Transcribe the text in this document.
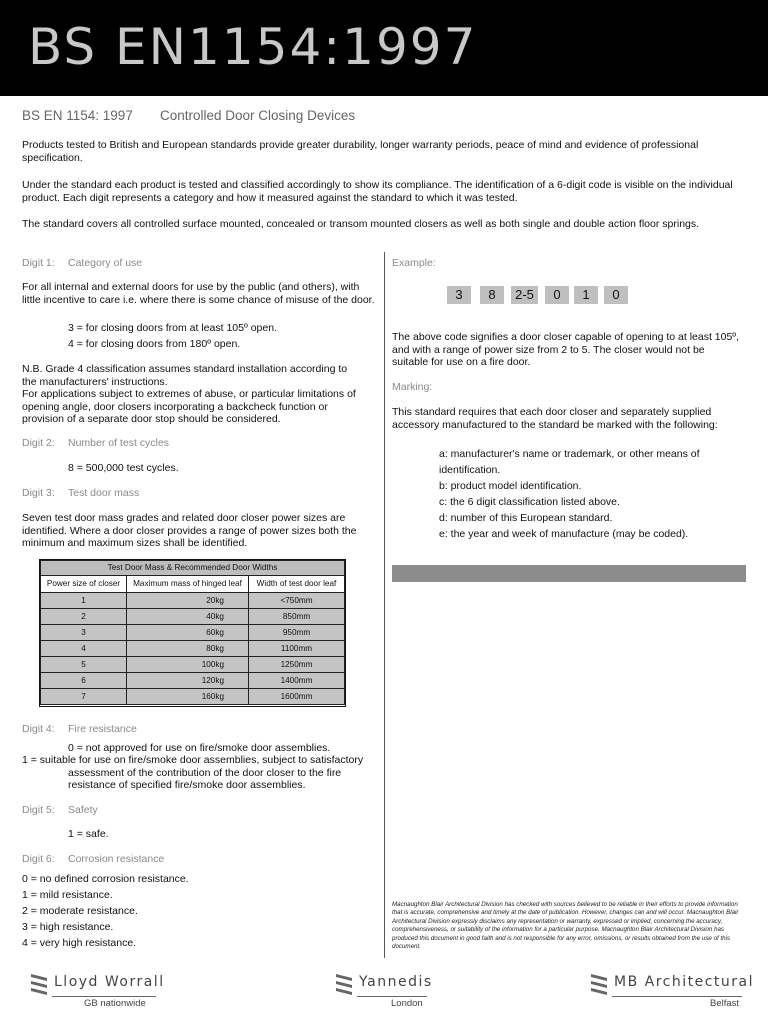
BS EN1154:1997
BS EN 1154: 1997 Controlled Door Closing Devices

Products tested to British and European standards provide greater durability, longer warranty periods, peace of mind and evidence of professional specification.

Under the standard each product is tested and classified accordingly to show its compliance. The identification of a 6-digit code is visible on the individual product. Each digit represents a category and how it measured against the standard to which it was tested.

The standard covers all controlled surface mounted, concealed or transom mounted closers as well as both single and double action floor springs.

Digit 1: Category of use

For all internal and external doors for use by the public (and others), with little incentive to care i.e. where there is some chance of misuse of the door.

3 = for closing doors from at least 105º open.

4 = for closing doors from 180º open.

N.B. Grade 4 classification assumes standard installation according to the manufacturers' instructions.

For applications subject to extremes of abuse, or particular limitations of opening angle, door closers incorporating a backcheck function or provision of a separate door stop should be considered.

Digit 2: Number of test cycles

8 = 500,000 test cycles.

Digit 3: Test door mass

Seven test door mass grades and related door closer power sizes are identified. Where a door closer provides a range of power sizes both the minimum and maximum sizes shall be identified.

Test Door Mass & Recommended Door Widths		
Power size of closer	Maximum mass of hinged leaf	Width of test door leaf
1	20kg	<750mm
2	40kg	850mm
3	60kg	950mm
4	80kg	1100mm
5	100kg	1250mm
6	120kg	1400mm
7	160kg	1600mm
Digit 4: Fire resistance

0 = not approved for use on fire/smoke door assemblies.

1 = suitable for use on fire/smoke door assemblies, subject to satisfactory assessment of the contribution of the door closer to the fire resistance of specified fire/smoke door assemblies.

Digit 5: Safety

1 = safe.

Digit 6: Corrosion resistance

0 = no defined corrosion resistance.

1 = mild resistance.

2 = moderate resistance.

3 = high resistance.

4 = very high resistance.

Example:
3	8	2-5	0	1	0

The above code signifies a door closer capable of opening to at least 105º, and with a range of power size from 2 to 5. The closer would not be suitable for use on a fire door.

Marking:

This standard requires that each door closer and separately supplied accessory manufactured to the standard be marked with the following:

a: manufacturer's name or trademark, or other means of identification.

b: product model identification.

c: the 6 digit classification listed above.

d: number of this European standard.

e: the year and week of manufacture (may be coded).

Macnaughton Blair Architectural Division has checked with sources believed to be reliable in their efforts to provide information that is accurate, comprehensive and timely at the date of publication. However, changes can and will occur. Macnaughton Blair Architectural Division expressly disclaims any representation or warranty, expressed or implied, concerning the accuracy, comprehensiveness, or suitability of the information for a particular purpose. Macnaughton Blair Architectural Division has produced this document in good faith and is not responsible for any error, omissions, or results obtained from the use of this document.

Lloyd Worrall
GB nationwide
Yannedis
London
MB Architectural
Belfast
